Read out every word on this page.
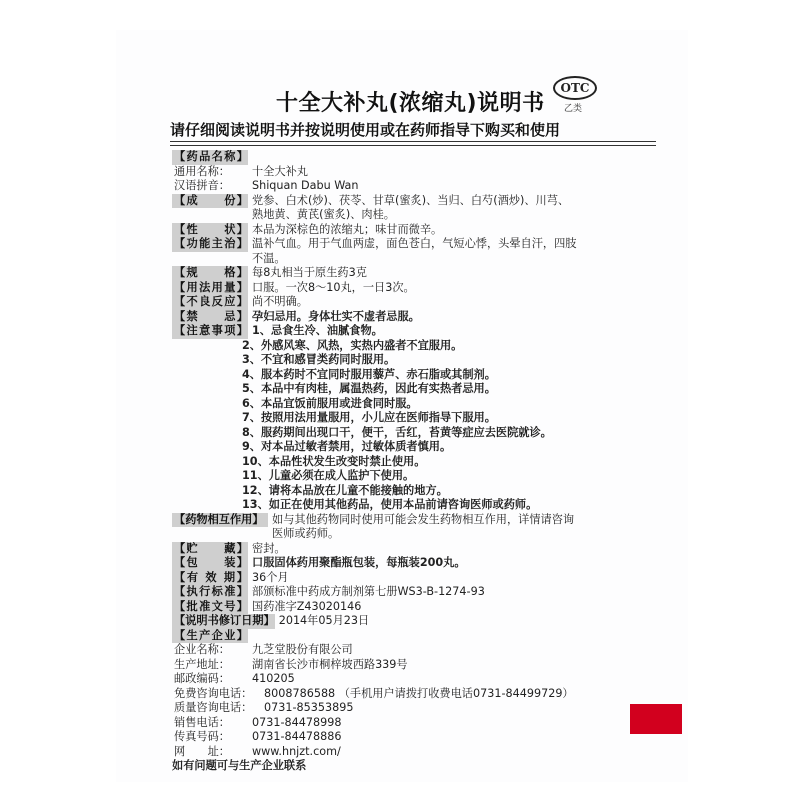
十全大补丸(浓缩丸)说明书
OTC
乙类
请仔细阅读说明书并按说明使用或在药师指导下购买和使用
【药品名称】
通用名称：	十全大补丸
汉语拼音：	Shiquan Dabu Wan
【成　　份】 党参、白术(炒)、茯苓、甘草(蜜炙)、当归、白芍(酒炒)、川芎、
熟地黄、黄芪(蜜炙)、肉桂。
【性　　状】 本品为深棕色的浓缩丸；味甘而微辛。
【功能主治】 温补气血。用于气血两虚，面色苍白，气短心悸，头晕自汗，四肢
不温。
【规　　格】 每8丸相当于原生药3克
【用法用量】 口服。一次8～10丸，一日3次。
【不良反应】 尚不明确。
【禁　　忌】 孕妇忌用。身体壮实不虚者忌服。
【注意事项】 1、忌食生冷、油腻食物。
2、外感风寒、风热，实热内盛者不宜服用。
3、不宜和感冒类药同时服用。
4、服本药时不宜同时服用藜芦、赤石脂或其制剂。
5、本品中有肉桂，属温热药，因此有实热者忌用。
6、本品宜饭前服用或进食同时服。
7、按照用法用量服用，小儿应在医师指导下服用。
8、服药期间出现口干，便干，舌红，苔黄等症应去医院就诊。
9、对本品过敏者禁用，过敏体质者慎用。
10、本品性状发生改变时禁止使用。
11、儿童必须在成人监护下使用。
12、请将本品放在儿童不能接触的地方。
13、如正在使用其他药品，使用本品前请咨询医师或药师。
【药物相互作用】 如与其他药物同时使用可能会发生药物相互作用，详情请咨询
医师或药师。
【贮　　藏】 密封。
【包　　装】 口服固体药用聚酯瓶包装，每瓶装200丸。
【有 效 期】 36个月
【执行标准】 部颁标准中药成方制剂第七册WS3-B-1274-93
【批准文号】 国药准字Z43020146
【说明书修订日期】 2014年05月23日
【生产企业】
企业名称：	九芝堂股份有限公司
生产地址：	湖南省长沙市桐梓坡西路339号
邮政编码：	410205
免费咨询电话：	8008786588 （手机用户请拨打收费电话0731-84499729）
质量咨询电话：	0731-85353895
销售电话：	0731-84478998
传真号码：	0731-84478886
网　　址：	www.hnjzt.com/
如有问题可与生产企业联系
